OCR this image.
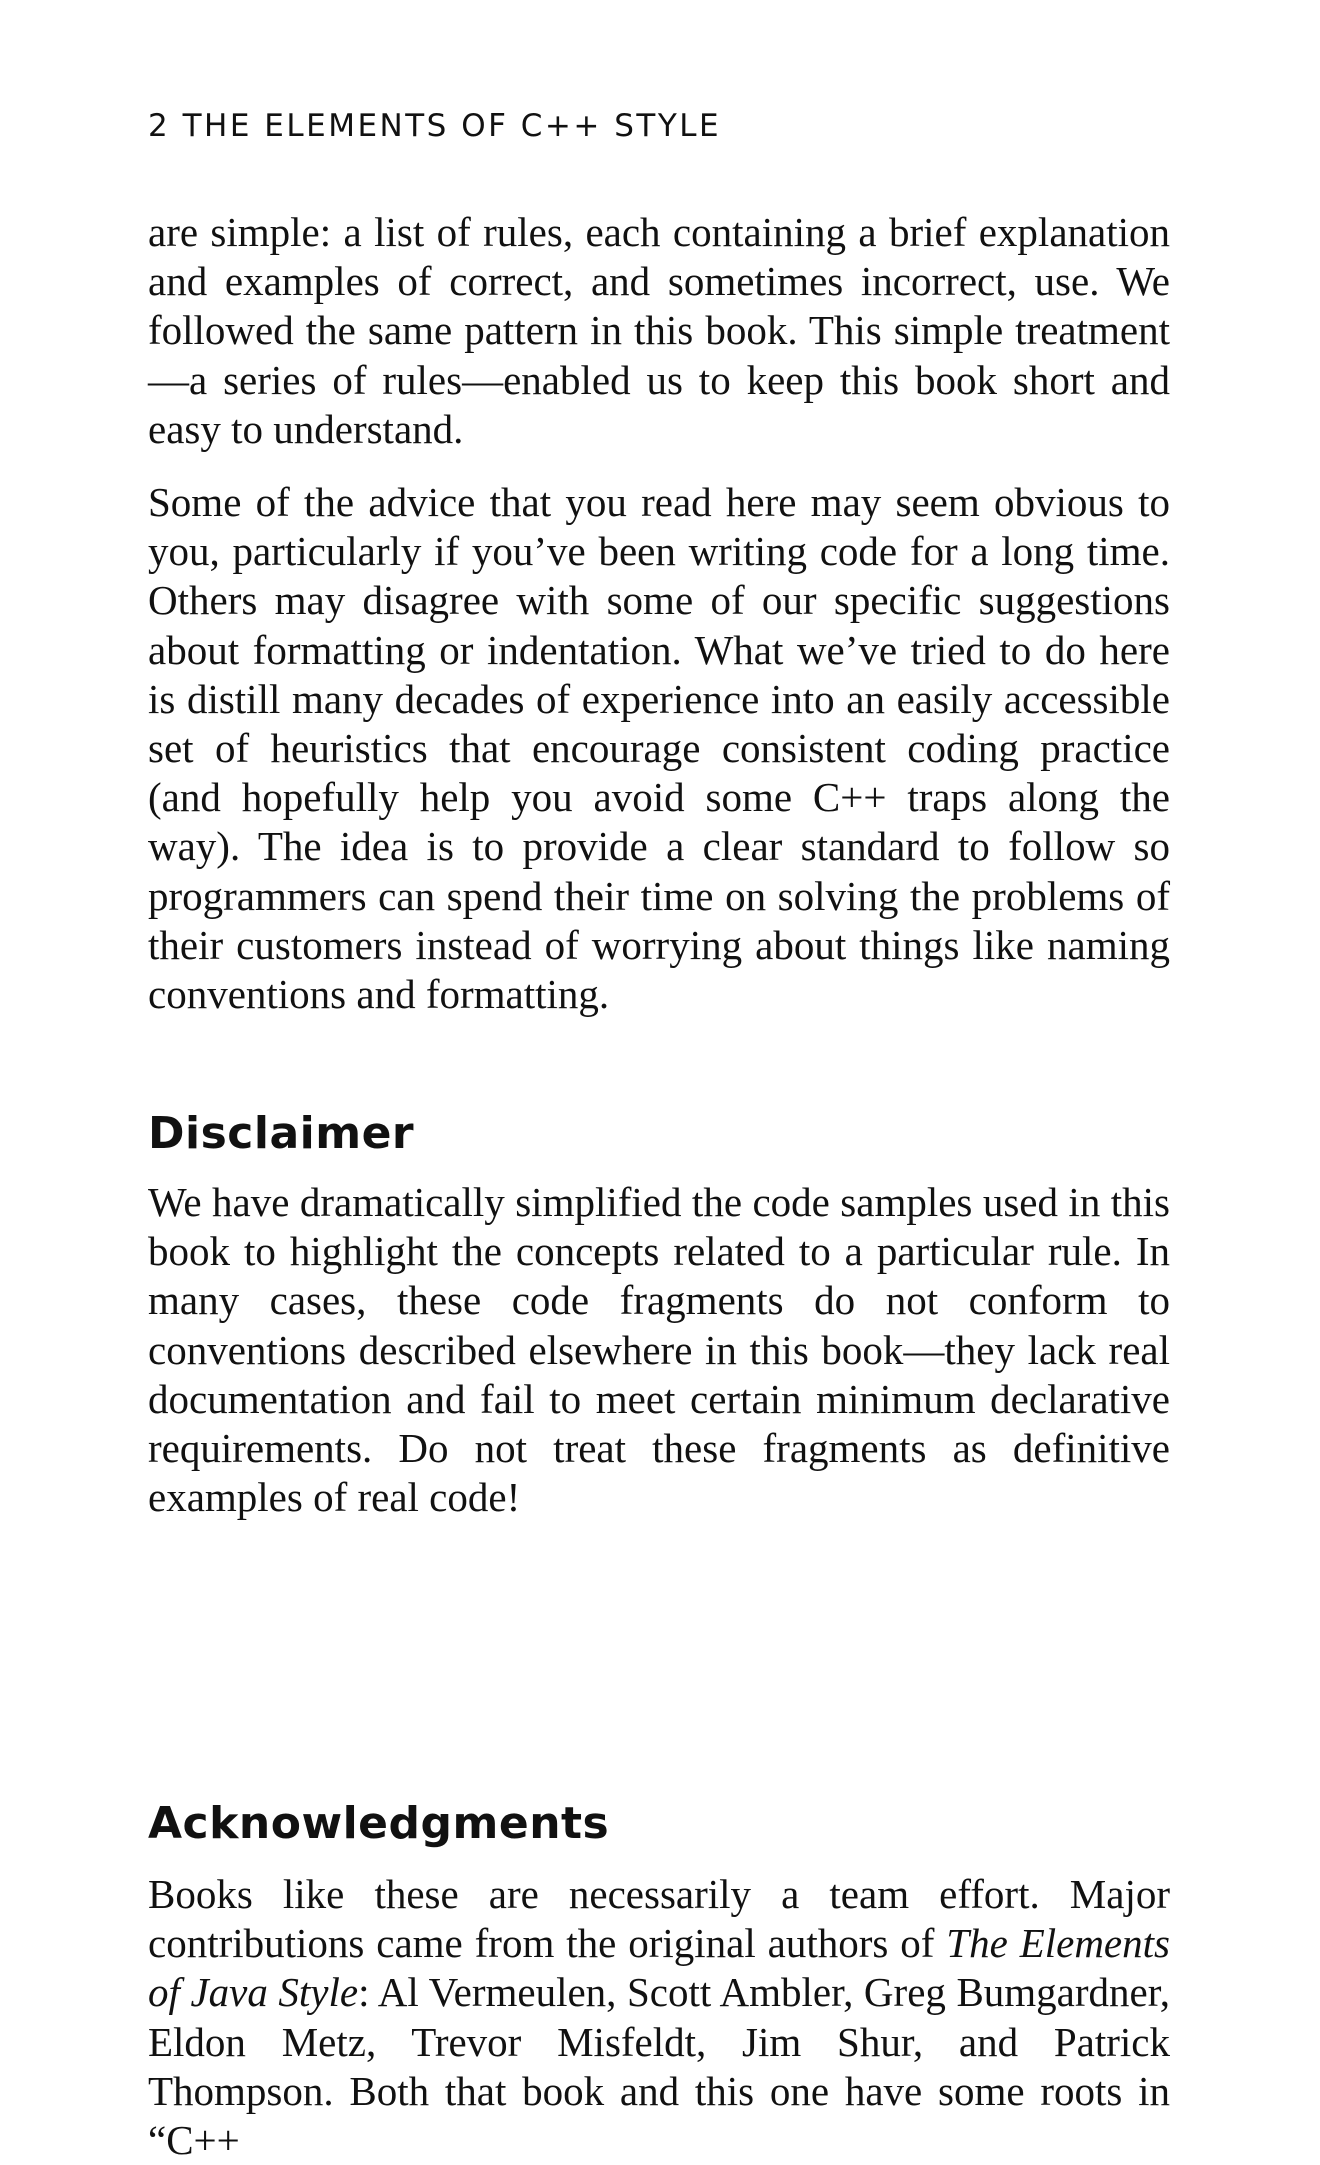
2 THE ELEMENTS OF C++ STYLE

are simple: a list of rules, each containing a brief explanation and examples of correct, and sometimes incorrect, use. We followed the same pattern in this book. This simple treatment—a series of rules—enabled us to keep this book short and easy to understand.

Some of the advice that you read here may seem obvious to you, particularly if you’ve been writing code for a long time. Others may disagree with some of our specific suggestions about formatting or indentation. What we’ve tried to do here is distill many decades of experience into an easily accessible set of heuristics that encourage consistent coding practice (and hopefully help you avoid some C++ traps along the way). The idea is to provide a clear standard to follow so programmers can spend their time on solving the problems of their customers instead of worrying about things like naming conventions and formatting.

Disclaimer

We have dramatically simplified the code samples used in this book to highlight the concepts related to a particular rule. In many cases, these code fragments do not conform to conventions described elsewhere in this book—they lack real documentation and fail to meet certain minimum declarative requirements. Do not treat these fragments as definitive examples of real code!

Acknowledgments

Books like these are necessarily a team effort. Major contributions came from the original authors of The Elements of Java Style: Al Vermeulen, Scott Ambler, Greg Bumgardner, Eldon Metz, Trevor Misfeldt, Jim Shur, and Patrick Thompson. Both that book and this one have some roots in “C++
